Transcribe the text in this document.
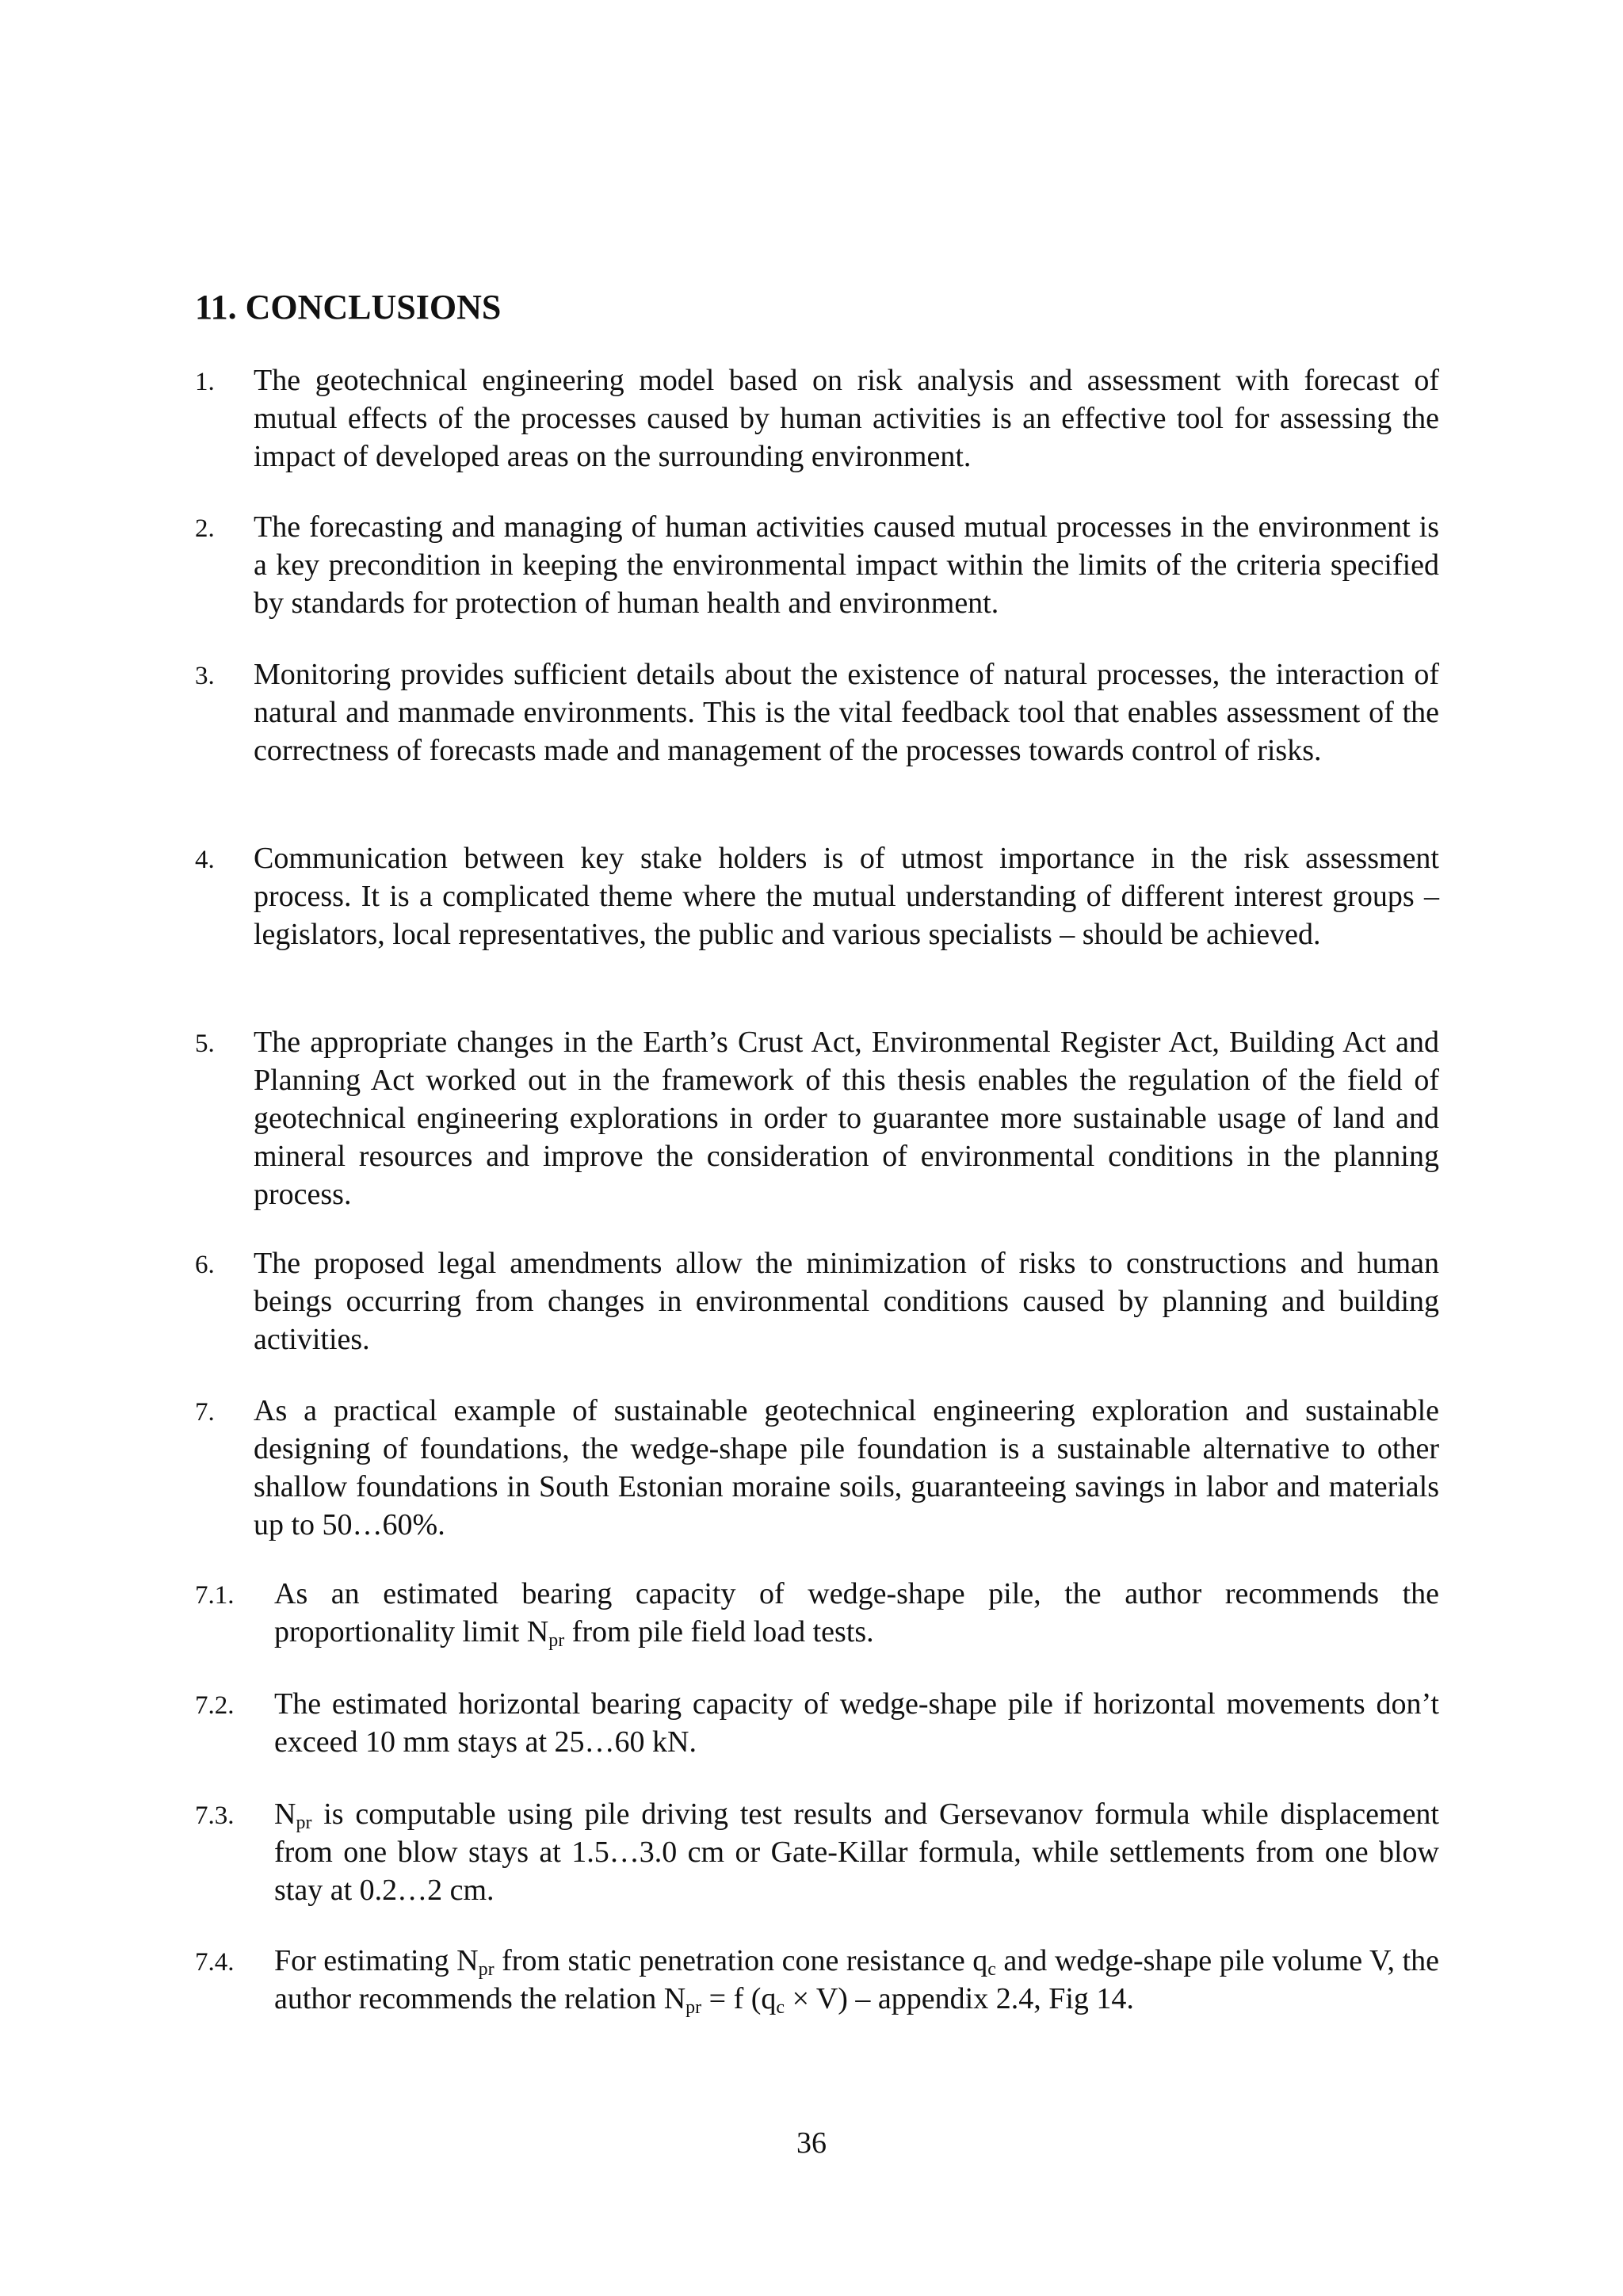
11. CONCLUSIONS
1. The geotechnical engineering model based on risk analysis and assessment with forecast of mutual effects of the processes caused by human activities is an effective tool for assessing the impact of developed areas on the surrounding environment.

2. The forecasting and managing of human activities caused mutual processes in the environment is a key precondition in keeping the environmental impact within the limits of the criteria specified by standards for protection of human health and environment.

3. Monitoring provides sufficient details about the existence of natural processes, the interaction of natural and manmade environments. This is the vital feedback tool that enables assessment of the correctness of forecasts made and management of the processes towards control of risks.

4. Communication between key stake holders is of utmost importance in the risk assessment process. It is a complicated theme where the mutual understanding of different interest groups – legislators, local representatives, the public and various specialists – should be achieved.

5. The appropriate changes in the Earth’s Crust Act, Environmental Register Act, Building Act and Planning Act worked out in the framework of this thesis enables the regulation of the field of geotechnical engineering explorations in order to guarantee more sustainable usage of land and mineral resources and improve the consideration of environmental conditions in the planning process.

6. The proposed legal amendments allow the minimization of risks to constructions and human beings occurring from changes in environmental conditions caused by planning and building activities.

7. As a practical example of sustainable geotechnical engineering exploration and sustainable designing of foundations, the wedge-shape pile foundation is a sustainable alternative to other shallow foundations in South Estonian moraine soils, guaranteeing savings in labor and materials up to 50…60%.

7.1. As an estimated bearing capacity of wedge-shape pile, the author recommends the proportionality limit $N_{pr}$ from pile field load tests.

7.2. The estimated horizontal bearing capacity of wedge-shape pile if horizontal movements don’t exceed 10 mm stays at 25…60 kN.

7.3. $N_{pr}$ is computable using pile driving test results and Gersevanov formula while displacement from one blow stays at 1.5…3.0 cm or Gate-Killar formula, while settlements from one blow stay at 0.2…2 cm.

7.4. For estimating $N_{pr}$ from static penetration cone resistance $q_c$ and wedge-shape pile volume V, the author recommends the relation $N_{pr} = f$ $(q_c \times V)$ – appendix 2.4, Fig 14.

36
